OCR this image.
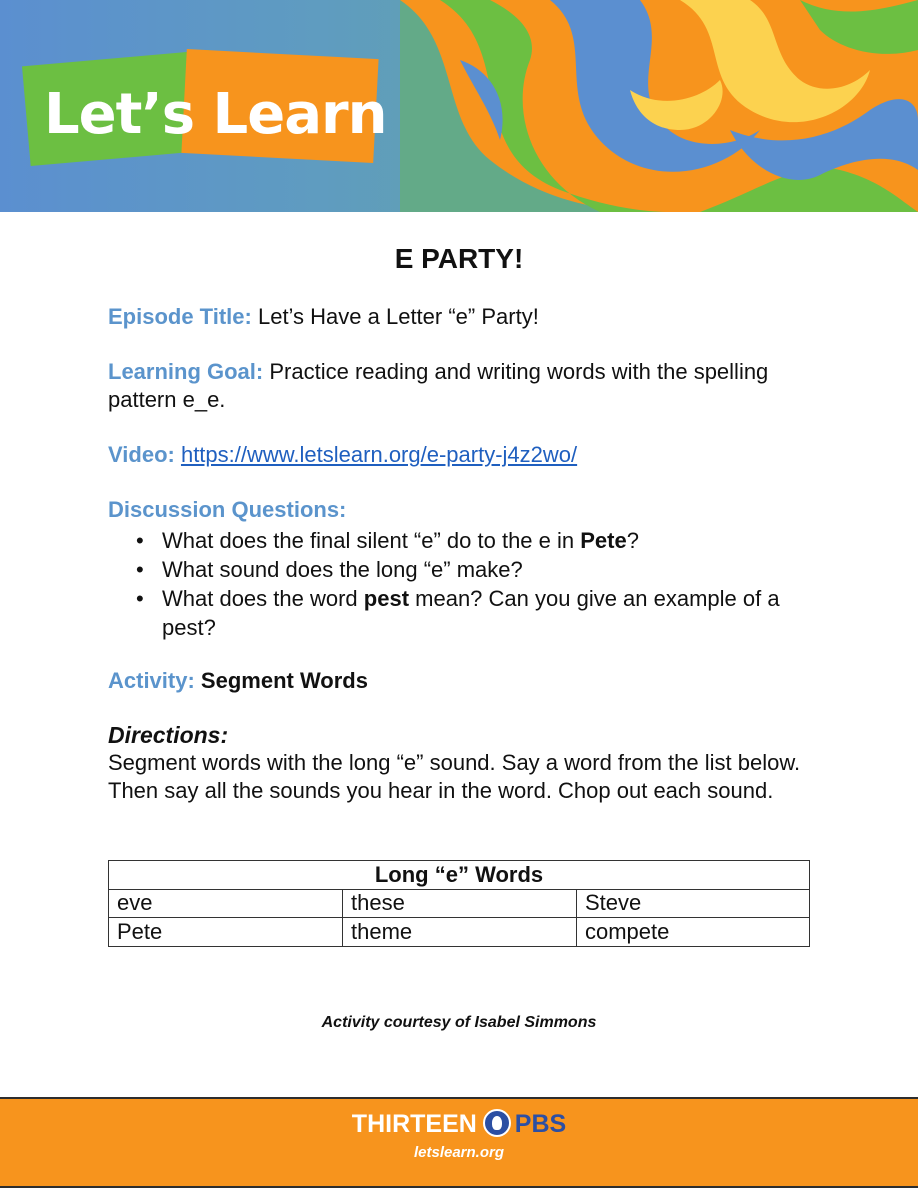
Let’s Learn
E PARTY!
Episode Title: Let’s Have a Letter “e” Party!
Learning Goal: Practice reading and writing words with the spelling pattern e_e.
Video: https://www.letslearn.org/e-party-j4z2wo/
Discussion Questions:
• What does the final silent “e” do to the e in Pete?
• What sound does the long “e” make?
• What does the word pest mean? Can you give an example of a pest?
Activity: Segment Words
Directions:
Segment words with the long “e” sound. Say a word from the list below. Then say all the sounds you hear in the word. Chop out each sound.
Long “e” Words		
eve	these	Steve
Pete	theme	compete
Activity courtesy of Isabel Simmons
THIRTEEN PBS
letslearn.org
